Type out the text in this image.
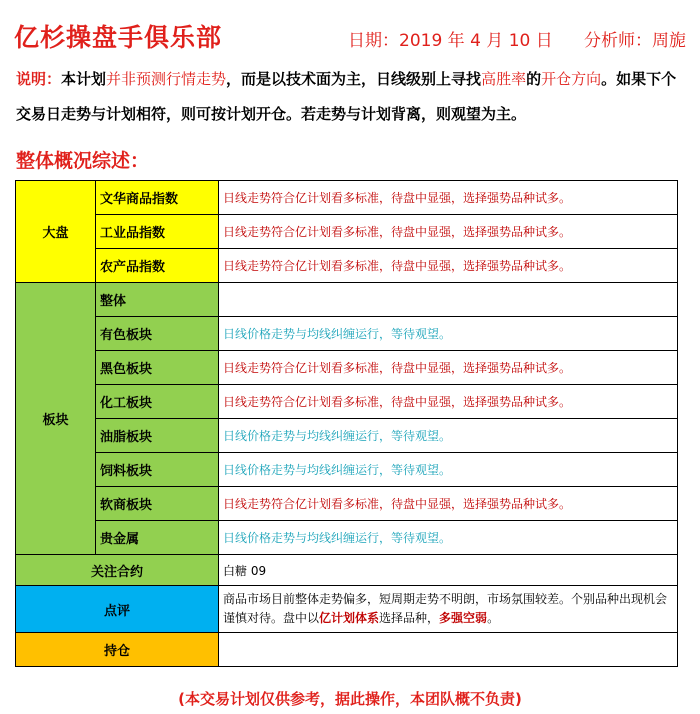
亿杉操盘手俱乐部	日期：2019 年 4 月 10 日 分析师：周旎
说明：本计划并非预测行情走势，而是以技术面为主，日线级别上寻找高胜率的开仓方向。如果下个交易日走势与计划相符，则可按计划开仓。若走势与计划背离，则观望为主。
整体概况综述：
大盘	文华商品指数	日线走势符合亿计划看多标准，待盘中显强，选择强势品种试多。
	工业品指数	日线走势符合亿计划看多标准，待盘中显强，选择强势品种试多。
	农产品指数	日线走势符合亿计划看多标准，待盘中显强，选择强势品种试多。
板块	整体	
	有色板块	日线价格走势与均线纠缠运行，等待观望。
	黑色板块	日线走势符合亿计划看多标准，待盘中显强，选择强势品种试多。
	化工板块	日线走势符合亿计划看多标准，待盘中显强，选择强势品种试多。
	油脂板块	日线价格走势与均线纠缠运行，等待观望。
	饲料板块	日线价格走势与均线纠缠运行，等待观望。
	软商板块	日线走势符合亿计划看多标准，待盘中显强，选择强势品种试多。
	贵金属	日线价格走势与均线纠缠运行，等待观望。
关注合约		白糖 09
点评		商品市场目前整体走势偏多，短周期走势不明朗，市场氛围较差。个别品种出现机会谨慎对待。盘中以亿计划体系选择品种，多强空弱。
持仓		
(本交易计划仅供参考，据此操作，本团队概不负责)
